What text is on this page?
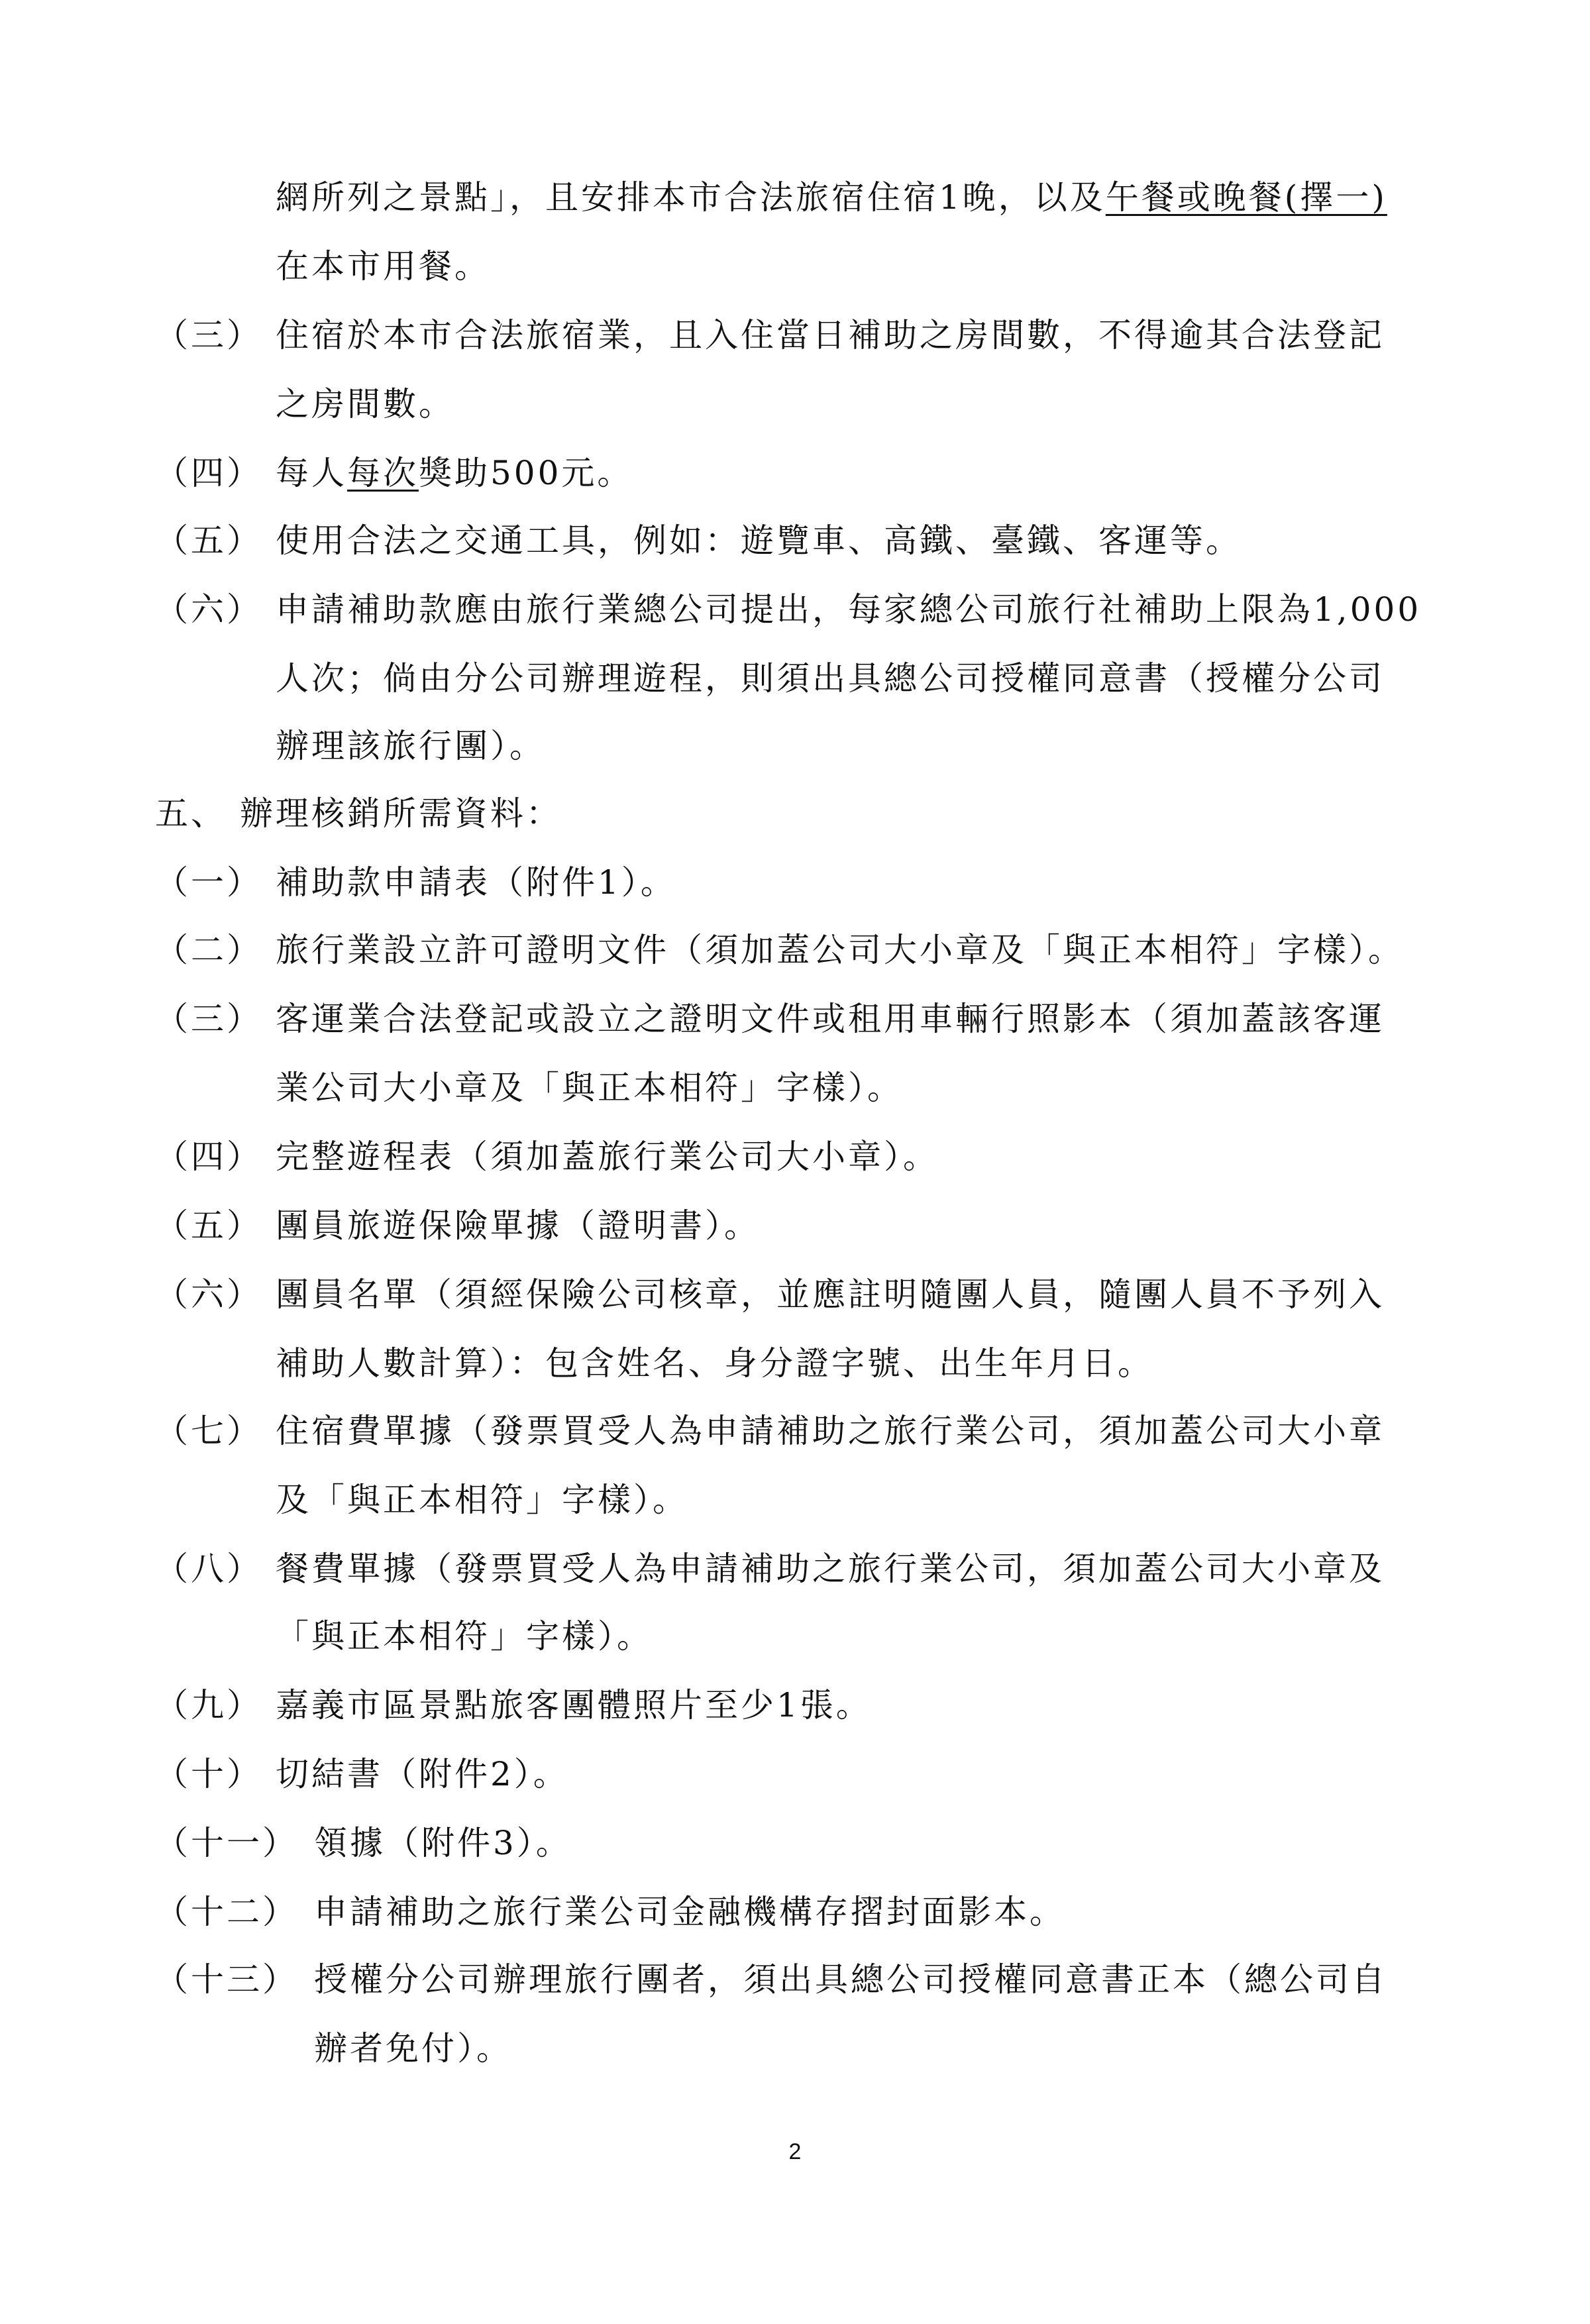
網所列之景點」，且安排本市合法旅宿住宿1晚，以及午餐或晚餐(擇一)
在本市用餐。
（三） 住宿於本市合法旅宿業，且入住當日補助之房間數，不得逾其合法登記
之房間數。
（四） 每人每次獎助500元。
（五） 使用合法之交通工具，例如：遊覽車、高鐵、臺鐵、客運等。
（六） 申請補助款應由旅行業總公司提出，每家總公司旅行社補助上限為1,000
人次；倘由分公司辦理遊程，則須出具總公司授權同意書（授權分公司
辦理該旅行團）。
五、 辦理核銷所需資料：
（一） 補助款申請表（附件1）。
（二） 旅行業設立許可證明文件（須加蓋公司大小章及「與正本相符」字樣）。
（三） 客運業合法登記或設立之證明文件或租用車輛行照影本（須加蓋該客運
業公司大小章及「與正本相符」字樣）。
（四） 完整遊程表（須加蓋旅行業公司大小章）。
（五） 團員旅遊保險單據（證明書）。
（六） 團員名單（須經保險公司核章，並應註明隨團人員，隨團人員不予列入
補助人數計算）：包含姓名、身分證字號、出生年月日。
（七） 住宿費單據（發票買受人為申請補助之旅行業公司，須加蓋公司大小章
及「與正本相符」字樣）。
（八） 餐費單據（發票買受人為申請補助之旅行業公司，須加蓋公司大小章及
「與正本相符」字樣）。
（九） 嘉義市區景點旅客團體照片至少1張。
（十） 切結書（附件2）。
（十一） 領據（附件3）。
（十二） 申請補助之旅行業公司金融機構存摺封面影本。
（十三） 授權分公司辦理旅行團者，須出具總公司授權同意書正本（總公司自
辦者免付）。
2
